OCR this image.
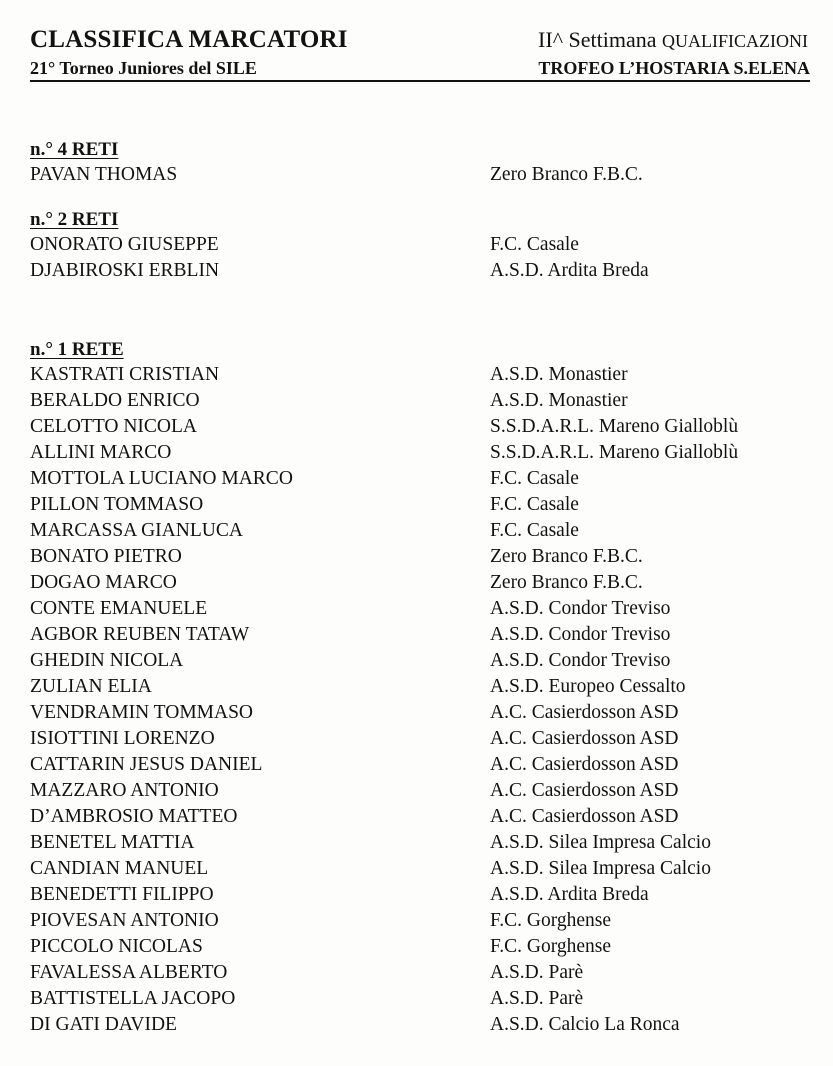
CLASSIFICA MARCATORI	II^ Settimana QUALIFICAZIONI
21° Torneo Juniores del SILE	TROFEO L’HOSTARIA S.ELENA
n.° 4 RETI
PAVAN THOMAS	Zero Branco F.B.C.
n.° 2 RETI
ONORATO GIUSEPPE	F.C. Casale
DJABIROSKI ERBLIN	A.S.D. Ardita Breda
n.° 1 RETE
KASTRATI CRISTIAN	A.S.D. Monastier
BERALDO ENRICO	A.S.D. Monastier
CELOTTO NICOLA	S.S.D.A.R.L. Mareno Gialloblù
ALLINI MARCO	S.S.D.A.R.L. Mareno Gialloblù
MOTTOLA LUCIANO MARCO	F.C. Casale
PILLON TOMMASO	F.C. Casale
MARCASSA GIANLUCA	F.C. Casale
BONATO PIETRO	Zero Branco F.B.C.
DOGAO MARCO	Zero Branco F.B.C.
CONTE EMANUELE	A.S.D. Condor Treviso
AGBOR REUBEN TATAW	A.S.D. Condor Treviso
GHEDIN NICOLA	A.S.D. Condor Treviso
ZULIAN ELIA	A.S.D. Europeo Cessalto
VENDRAMIN TOMMASO	A.C. Casierdosson ASD
ISIOTTINI LORENZO	A.C. Casierdosson ASD
CATTARIN JESUS DANIEL	A.C. Casierdosson ASD
MAZZARO ANTONIO	A.C. Casierdosson ASD
D’AMBROSIO MATTEO	A.C. Casierdosson ASD
BENETEL MATTIA	A.S.D. Silea Impresa Calcio
CANDIAN MANUEL	A.S.D. Silea Impresa Calcio
BENEDETTI FILIPPO	A.S.D. Ardita Breda
PIOVESAN ANTONIO	F.C. Gorghense
PICCOLO NICOLAS	F.C. Gorghense
FAVALESSA ALBERTO	A.S.D. Parè
BATTISTELLA JACOPO	A.S.D. Parè
DI GATI DAVIDE	A.S.D. Calcio La Ronca
